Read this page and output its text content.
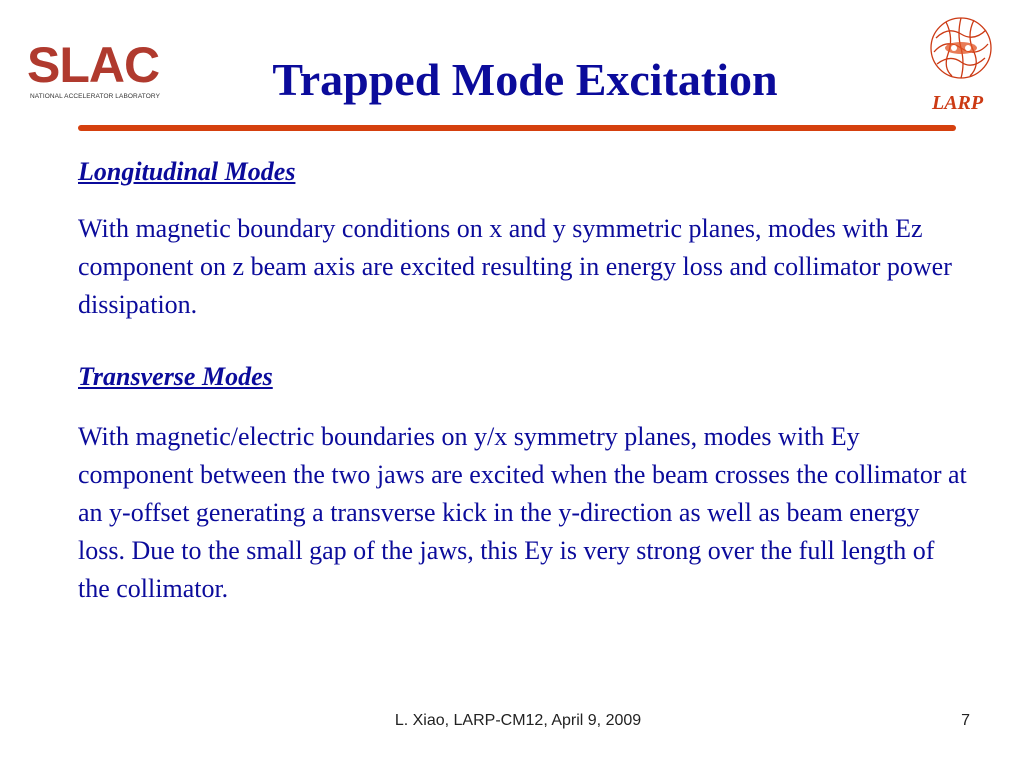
SLAC
NATIONAL ACCELERATOR LABORATORY	Trapped Mode Excitation	LARP
Longitudinal Modes

With magnetic boundary conditions on x and y symmetric planes, modes with Ez component on z beam axis are excited resulting in energy loss and collimator power dissipation.

Transverse Modes

With magnetic/electric boundaries on y/x symmetry planes, modes with Ey component between the two jaws are excited when the beam crosses the collimator at an y-offset generating a transverse kick in the y-direction as well as beam energy loss. Due to the small gap of the jaws, this Ey is very strong over the full length of the collimator.

L. Xiao, LARP-CM12, April 9, 2009	7
